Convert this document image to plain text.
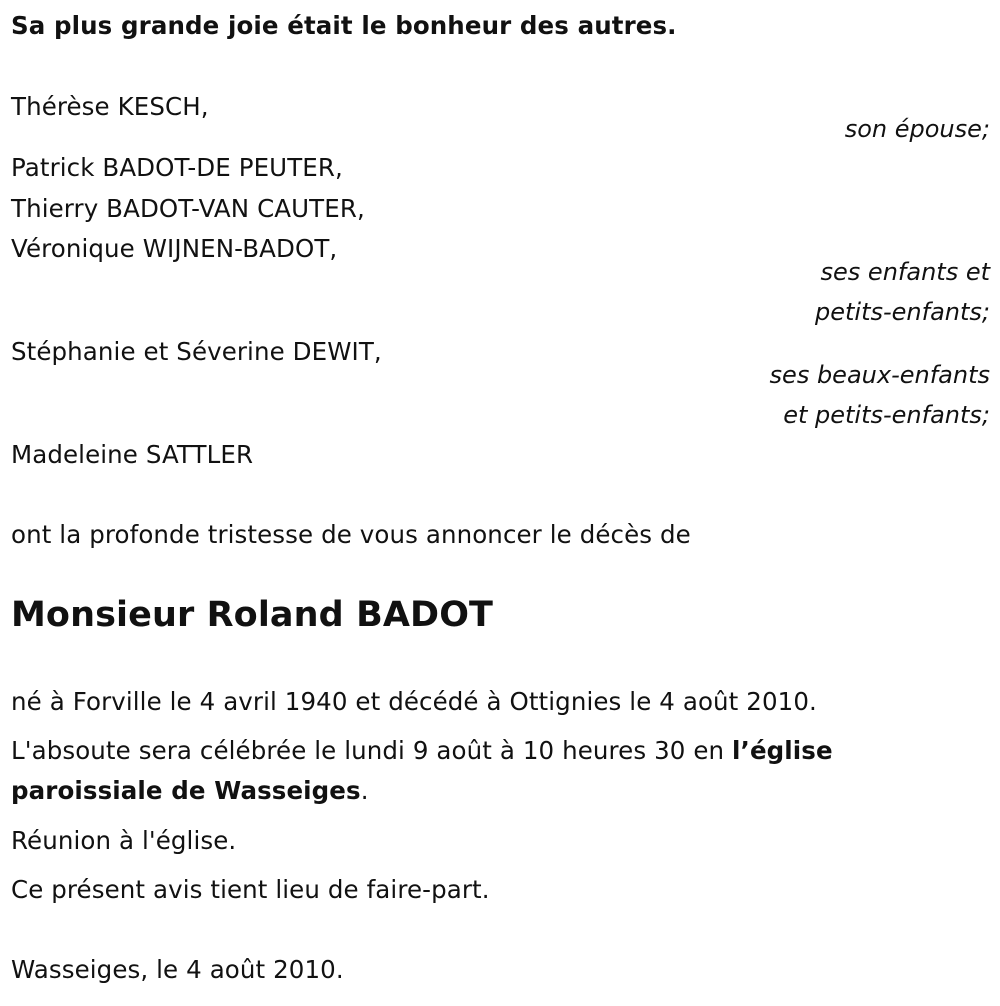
Sa plus grande joie était le bonheur des autres.
Thérèse KESCH,
son épouse;
Patrick BADOT-DE PEUTER,
Thierry BADOT-VAN CAUTER,
Véronique WIJNEN-BADOT,
ses enfants et
petits-enfants;
Stéphanie et Séverine DEWIT,
ses beaux-enfants
et petits-enfants;
Madeleine SATTLER
ont la profonde tristesse de vous annoncer le décès de
Monsieur Roland BADOT
né à Forville le 4 avril 1940 et décédé à Ottignies le 4 août 2010.
L'absoute sera célébrée le lundi 9 août à 10 heures 30 en l’église
paroissiale de Wasseiges.
Réunion à l'église.
Ce présent avis tient lieu de faire-part.
Wasseiges, le 4 août 2010.
